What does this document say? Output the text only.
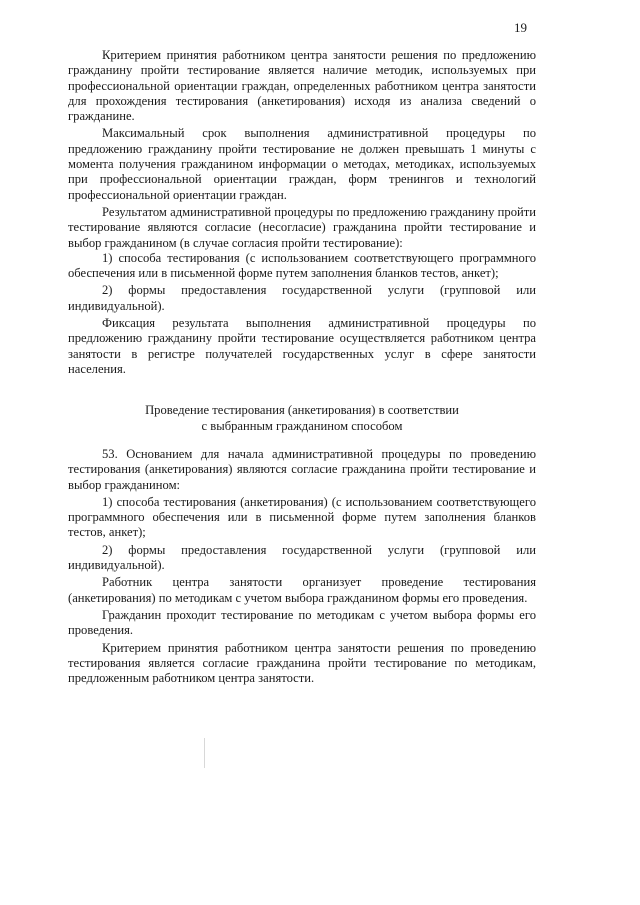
19

Критерием принятия работником центра занятости решения по предложению гражданину пройти тестирование является наличие методик, используемых при профессиональной ориентации граждан, определенных работником центра занятости для прохождения тестирования (анкетирования) исходя из анализа сведений о гражданине.

Максимальный срок выполнения административной процедуры по предложению гражданину пройти тестирование не должен превышать 1 минуты с момента получения гражданином информации о методах, методиках, используемых при профессиональной ориентации граждан, форм тренингов и технологий профессиональной ориентации граждан.

Результатом административной процедуры по предложению гражданину пройти тестирование являются согласие (несогласие) гражданина пройти тестирование и выбор гражданином (в случае согласия пройти тестирование):

1) способа тестирования (с использованием соответствующего программного обеспечения или в письменной форме путем заполнения бланков тестов, анкет);

2) формы предоставления государственной услуги (групповой или индивидуальной).

Фиксация результата выполнения административной процедуры по предложению гражданину пройти тестирование осуществляется работником центра занятости в регистре получателей государственных услуг в сфере занятости населения.

Проведение тестирования (анкетирования) в соответствии
с выбранным гражданином способом

53. Основанием для начала административной процедуры по проведению тестирования (анкетирования) являются согласие гражданина пройти тестирование и выбор гражданином:

1) способа тестирования (анкетирования) (с использованием соответствующего программного обеспечения или в письменной форме путем заполнения бланков тестов, анкет);

2) формы предоставления государственной услуги (групповой или индивидуальной).

Работник центра занятости организует проведение тестирования (анкетирования) по методикам с учетом выбора гражданином формы его проведения.

Гражданин проходит тестирование по методикам с учетом выбора формы его проведения.

Критерием принятия работником центра занятости решения по проведению тестирования является согласие гражданина пройти тестирование по методикам, предложенным работником центра занятости.
